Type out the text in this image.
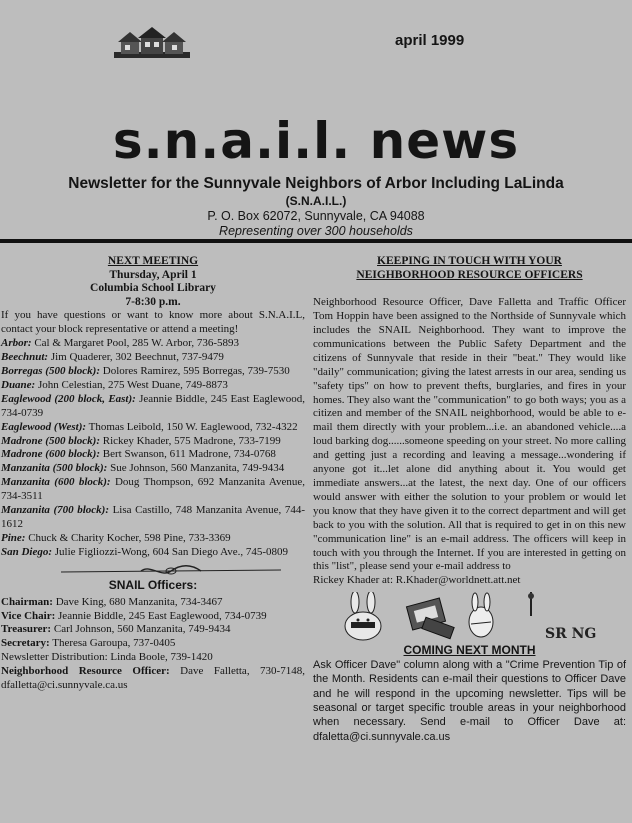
april 1999
s.n.a.i.l. news
Newsletter for the Sunnyvale Neighbors of Arbor Including LaLinda
(S.N.A.I.L.)
P. O. Box 62072, Sunnyvale, CA 94088
Representing over 300 households
NEXT MEETING
Thursday, April 1
Columbia School Library
7-8:30 p.m.
If you have questions or want to know more about S.N.A.I.L, contact your block representative or attend a meeting!

Arbor: Cal & Margaret Pool, 285 W. Arbor, 736-5893

Beechnut: Jim Quaderer, 302 Beechnut, 737-9479

Borregas (500 block): Dolores Ramirez, 595 Borregas, 739-7530

Duane: John Celestian, 275 West Duane, 749-8873

Eaglewood (200 block, East): Jeannie Biddle, 245 East Eaglewood, 734-0739

Eaglewood (West): Thomas Leibold, 150 W. Eaglewood, 732-4322

Madrone (500 block): Rickey Khader, 575 Madrone, 733-7199

Madrone (600 block): Bert Swanson, 611 Madrone, 734-0768

Manzanita (500 block): Sue Johnson, 560 Manzanita, 749-9434

Manzanita (600 block): Doug Thompson, 692 Manzanita Avenue, 734-3511

Manzanita (700 block): Lisa Castillo, 748 Manzanita Avenue, 744-1612

Pine: Chuck & Charity Kocher, 598 Pine, 733-3369

San Diego: Julie Figliozzi-Wong, 604 San Diego Ave., 745-0809

SNAIL Officers:

Chairman: Dave King, 680 Manzanita, 734-3467

Vice Chair: Jeannie Biddle, 245 East Eaglewood, 734-0739

Treasurer: Carl Johnson, 560 Manzanita, 749-9434

Secretary: Theresa Garoupa, 737-0405

Newsletter Distribution: Linda Boole, 739-1420

Neighborhood Resource Officer: Dave Falletta, 730-7148, dfalletta@ci.sunnyvale.ca.us

KEEPING IN TOUCH WITH YOUR
NEIGHBORHOOD RESOURCE OFFICERS
Neighborhood Resource Officer, Dave Falletta and Traffic Officer Tom Hoppin have been assigned to the Northside of Sunnyvale which includes the SNAIL Neighborhood. They want to improve the communications between the Public Safety Department and the citizens of Sunnyvale that reside in their "beat." They would like "daily" communication; giving the latest arrests in our area, sending us "safety tips" on how to prevent thefts, burglaries, and fires in your homes. They also want the "communication" to go both ways; you as a citizen and member of the SNAIL neighborhood, would be able to e-mail them directly with your problem...i.e. an abandoned vehicle....a loud barking dog......someone speeding on your street. No more calling and getting just a recording and leaving a message...wondering if anyone got it...let alone did anything about it. You would get immediate answers...at the latest, the next day. One of our officers would answer with either the solution to your problem or would let you know that they have given it to the correct department and will get back to you with the solution. All that is required to get in on this new "communication line" is an e-mail address. The officers will keep in touch with you through the Internet. If you are interested in getting on this "list", please send your e-mail address to
Rickey Khader at: R.Khader@worldnett.att.net
SR NG
COMING NEXT MONTH
Ask Officer Dave" column along with a "Crime Prevention Tip of the Month. Residents can e-mail their questions to Officer Dave and he will respond in the upcoming newsletter. Tips will be seasonal or target specific trouble areas in your neighborhood when necessary. Send e-mail to Officer Dave at: dfaletta@ci.sunnyvale.ca.us
